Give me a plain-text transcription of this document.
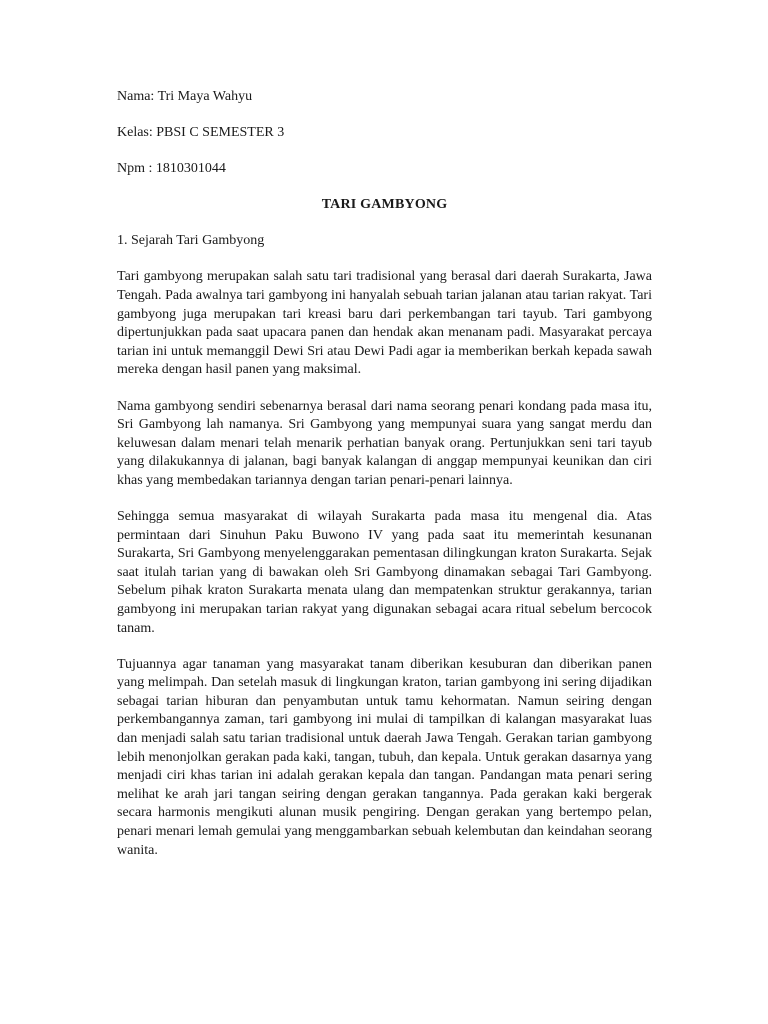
Nama: Tri Maya Wahyu

Kelas: PBSI C SEMESTER 3

Npm : 1810301044

TARI GAMBYONG

1. Sejarah Tari Gambyong

Tari gambyong merupakan salah satu tari tradisional yang berasal dari daerah Surakarta, Jawa Tengah. Pada awalnya tari gambyong ini hanyalah sebuah tarian jalanan atau tarian rakyat. Tari gambyong juga merupakan tari kreasi baru dari perkembangan tari tayub. Tari gambyong dipertunjukkan pada saat upacara panen dan hendak akan menanam padi. Masyarakat percaya tarian ini untuk memanggil Dewi Sri atau Dewi Padi agar ia memberikan berkah kepada sawah mereka dengan hasil panen yang maksimal.

Nama gambyong sendiri sebenarnya berasal dari nama seorang penari kondang pada masa itu, Sri Gambyong lah namanya. Sri Gambyong yang mempunyai suara yang sangat merdu dan keluwesan dalam menari telah menarik perhatian banyak orang. Pertunjukkan seni tari tayub yang dilakukannya di jalanan, bagi banyak kalangan di anggap mempunyai keunikan dan ciri khas yang membedakan tariannya dengan tarian penari-penari lainnya.

Sehingga semua masyarakat di wilayah Surakarta pada masa itu mengenal dia. Atas permintaan dari Sinuhun Paku Buwono IV yang pada saat itu memerintah kesunanan Surakarta, Sri Gambyong menyelenggarakan pementasan dilingkungan kraton Surakarta. Sejak saat itulah tarian yang di bawakan oleh Sri Gambyong dinamakan sebagai Tari Gambyong. Sebelum pihak kraton Surakarta menata ulang dan mempatenkan struktur gerakannya, tarian gambyong ini merupakan tarian rakyat yang digunakan sebagai acara ritual sebelum bercocok tanam.

Tujuannya agar tanaman yang masyarakat tanam diberikan kesuburan dan diberikan panen yang melimpah. Dan setelah masuk di lingkungan kraton, tarian gambyong ini sering dijadikan sebagai tarian hiburan dan penyambutan untuk tamu kehormatan. Namun seiring dengan perkembangannya zaman, tari gambyong ini mulai di tampilkan di kalangan masyarakat luas dan menjadi salah satu tarian tradisional untuk daerah Jawa Tengah. Gerakan tarian gambyong lebih menonjolkan gerakan pada kaki, tangan, tubuh, dan kepala. Untuk gerakan dasarnya yang menjadi ciri khas tarian ini adalah gerakan kepala dan tangan. Pandangan mata penari sering melihat ke arah jari tangan seiring dengan gerakan tangannya. Pada gerakan kaki bergerak secara harmonis mengikuti alunan musik pengiring. Dengan gerakan yang bertempo pelan, penari menari lemah gemulai yang menggambarkan sebuah kelembutan dan keindahan seorang wanita.
